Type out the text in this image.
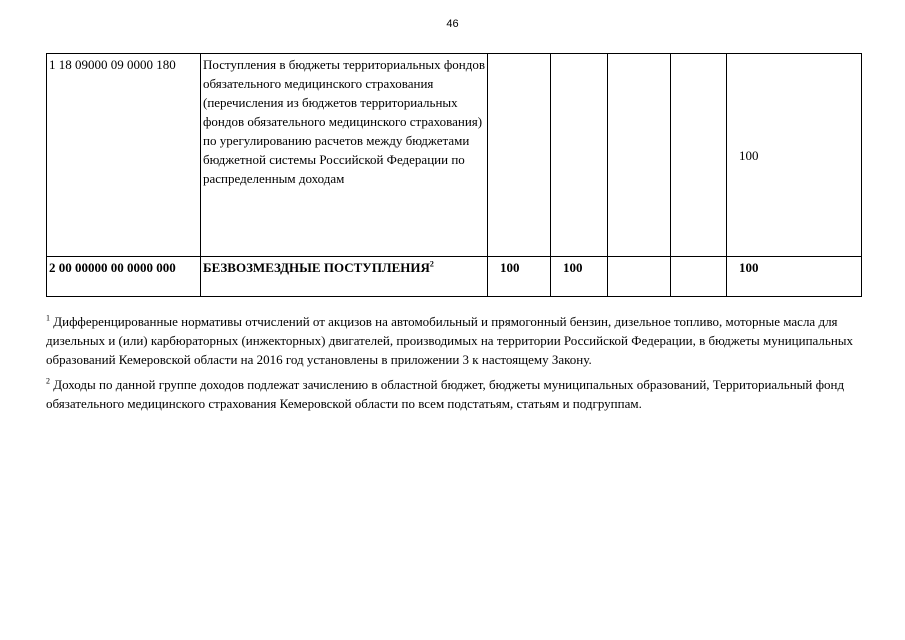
46
1 18 09000 09 0000 180	Поступления в бюджеты территориальных фондов обязательного медицинского страхования (перечисления из бюджетов территориальных фондов обязательного медицинского страхования) по урегулированию расчетов между бюджетами бюджетной системы Российской Федерации по распределенным доходам					100
2 00 00000 00 0000 000	БЕЗВОЗМЕЗДНЫЕ ПОСТУПЛЕНИЯ$^2$	100	100			100

$^1$ Дифференцированные нормативы отчислений от акцизов на автомобильный и прямогонный бензин, дизельное топливо, моторные масла для дизельных и (или) карбюраторных (инжекторных) двигателей, производимых на территории Российской Федерации, в бюджеты муниципальных образований Кемеровской области на 2016 год установлены в приложении 3 к настоящему Закону.

$^2$ Доходы по данной группе доходов подлежат зачислению в областной бюджет, бюджеты муниципальных образований, Территориальный фонд обязательного медицинского страхования Кемеровской области по всем подстатьям, статьям и подгруппам.
